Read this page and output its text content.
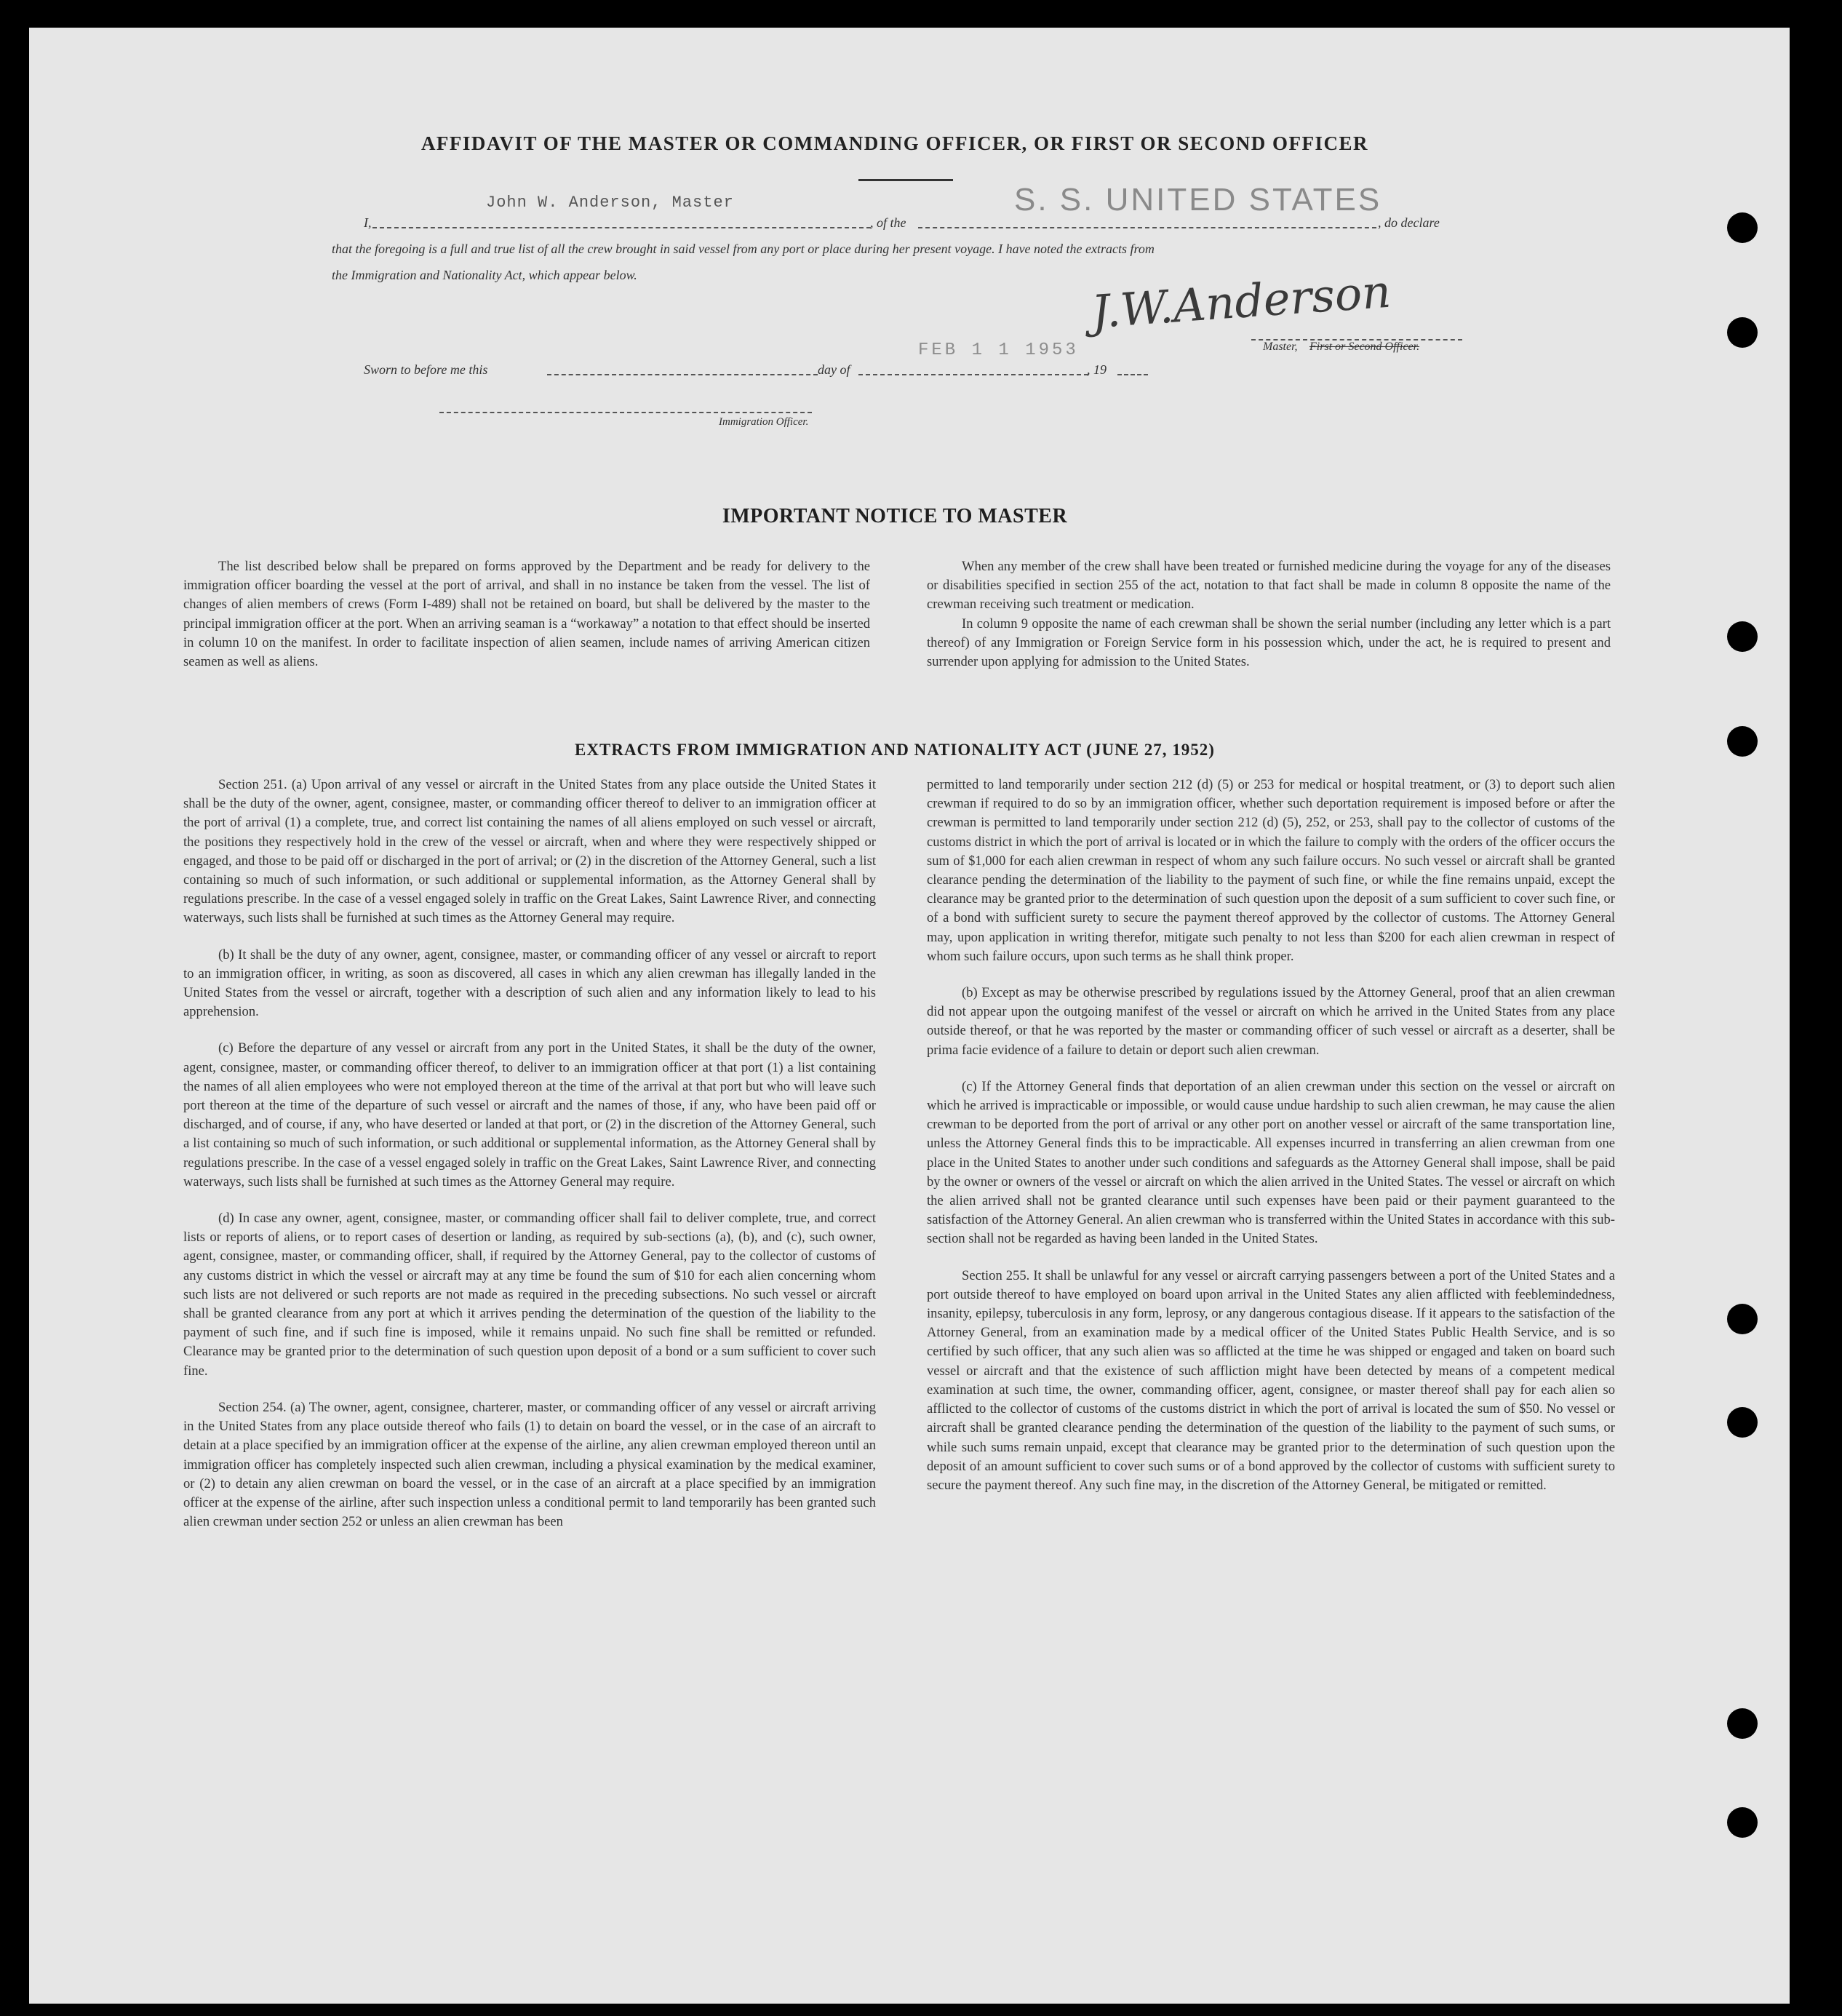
AFFIDAVIT OF THE MASTER OR COMMANDING OFFICER, OR FIRST OR SECOND OFFICER
I,
John W. Anderson, Master
, of the
S. S. UNITED STATES
, do declare
that the foregoing is a full and true list of all the crew brought in said vessel from any port or place during her present voyage. I have noted the extracts from
the Immigration and Nationality Act, which appear below.	J.W.Anderson
FEB 1 1 1953	Master, First or Second Officer.
Sworn to before me this	day of	, 19
Immigration Officer.
IMPORTANT NOTICE TO MASTER

The list described below shall be prepared on forms approved by the Department and be ready for delivery to the immigration officer boarding the vessel at the port of arrival, and shall in no instance be taken from the vessel. The list of changes of alien members of crews (Form I-489) shall not be retained on board, but shall be delivered by the master to the principal immigration officer at the port. When an arriving seaman is a “workaway” a notation to that effect should be inserted in column 10 on the manifest. In order to facilitate inspection of alien seamen, include names of arriving American citizen seamen as well as aliens.

When any member of the crew shall have been treated or furnished medicine during the voyage for any of the diseases or disabilities specified in section 255 of the act, notation to that fact shall be made in column 8 opposite the name of the crewman receiving such treatment or medication.

In column 9 opposite the name of each crewman shall be shown the serial number (including any letter which is a part thereof) of any Immigration or Foreign Service form in his possession which, under the act, he is required to present and surrender upon applying for admission to the United States.

EXTRACTS FROM IMMIGRATION AND NATIONALITY ACT (JUNE 27, 1952)

Section 251. (a) Upon arrival of any vessel or aircraft in the United States from any place outside the United States it shall be the duty of the owner, agent, consignee, master, or commanding officer thereof to deliver to an immigration officer at the port of arrival (1) a complete, true, and correct list containing the names of all aliens employed on such vessel or aircraft, the positions they respectively hold in the crew of the vessel or aircraft, when and where they were respectively shipped or engaged, and those to be paid off or discharged in the port of arrival; or (2) in the discretion of the Attorney General, such a list containing so much of such information, or such additional or supplemental information, as the Attorney General shall by regulations prescribe. In the case of a vessel engaged solely in traffic on the Great Lakes, Saint Lawrence River, and connecting waterways, such lists shall be furnished at such times as the Attorney General may require.

(b) It shall be the duty of any owner, agent, consignee, master, or commanding officer of any vessel or aircraft to report to an immigration officer, in writing, as soon as discovered, all cases in which any alien crewman has illegally landed in the United States from the vessel or aircraft, together with a description of such alien and any information likely to lead to his apprehension.

(c) Before the departure of any vessel or aircraft from any port in the United States, it shall be the duty of the owner, agent, consignee, master, or commanding officer thereof, to deliver to an immigration officer at that port (1) a list containing the names of all alien employees who were not employed thereon at the time of the arrival at that port but who will leave such port thereon at the time of the departure of such vessel or aircraft and the names of those, if any, who have been paid off or discharged, and of course, if any, who have deserted or landed at that port, or (2) in the discretion of the Attorney General, such a list containing so much of such information, or such additional or supplemental information, as the Attorney General shall by regulations prescribe. In the case of a vessel engaged solely in traffic on the Great Lakes, Saint Lawrence River, and connecting waterways, such lists shall be furnished at such times as the Attorney General may require.

(d) In case any owner, agent, consignee, master, or commanding officer shall fail to deliver complete, true, and correct lists or reports of aliens, or to report cases of desertion or landing, as required by sub-sections (a), (b), and (c), such owner, agent, consignee, master, or commanding officer, shall, if required by the Attorney General, pay to the collector of customs of any customs district in which the vessel or aircraft may at any time be found the sum of $10 for each alien concerning whom such lists are not delivered or such reports are not made as required in the preceding subsections. No such vessel or aircraft shall be granted clearance from any port at which it arrives pending the determination of the question of the liability to the payment of such fine, and if such fine is imposed, while it remains unpaid. No such fine shall be remitted or refunded. Clearance may be granted prior to the determination of such question upon deposit of a bond or a sum sufficient to cover such fine.

Section 254. (a) The owner, agent, consignee, charterer, master, or commanding officer of any vessel or aircraft arriving in the United States from any place outside thereof who fails (1) to detain on board the vessel, or in the case of an aircraft to detain at a place specified by an immigration officer at the expense of the airline, any alien crewman employed thereon until an immigration officer has completely inspected such alien crewman, including a physical examination by the medical examiner, or (2) to detain any alien crewman on board the vessel, or in the case of an aircraft at a place specified by an immigration officer at the expense of the airline, after such inspection unless a conditional permit to land temporarily has been granted such alien crewman under section 252 or unless an alien crewman has been

permitted to land temporarily under section 212 (d) (5) or 253 for medical or hospital treatment, or (3) to deport such alien crewman if required to do so by an immigration officer, whether such deportation requirement is imposed before or after the crewman is permitted to land temporarily under section 212 (d) (5), 252, or 253, shall pay to the collector of customs of the customs district in which the port of arrival is located or in which the failure to comply with the orders of the officer occurs the sum of $1,000 for each alien crewman in respect of whom any such failure occurs. No such vessel or aircraft shall be granted clearance pending the determination of the liability to the payment of such fine, or while the fine remains unpaid, except the clearance may be granted prior to the determination of such question upon the deposit of a sum sufficient to cover such fine, or of a bond with sufficient surety to secure the payment thereof approved by the collector of customs. The Attorney General may, upon application in writing therefor, mitigate such penalty to not less than $200 for each alien crewman in respect of whom such failure occurs, upon such terms as he shall think proper.

(b) Except as may be otherwise prescribed by regulations issued by the Attorney General, proof that an alien crewman did not appear upon the outgoing manifest of the vessel or aircraft on which he arrived in the United States from any place outside thereof, or that he was reported by the master or commanding officer of such vessel or aircraft as a deserter, shall be prima facie evidence of a failure to detain or deport such alien crewman.

(c) If the Attorney General finds that deportation of an alien crewman under this section on the vessel or aircraft on which he arrived is impracticable or impossible, or would cause undue hardship to such alien crewman, he may cause the alien crewman to be deported from the port of arrival or any other port on another vessel or aircraft of the same transportation line, unless the Attorney General finds this to be impracticable. All expenses incurred in transferring an alien crewman from one place in the United States to another under such conditions and safeguards as the Attorney General shall impose, shall be paid by the owner or owners of the vessel or aircraft on which the alien arrived in the United States. The vessel or aircraft on which the alien arrived shall not be granted clearance until such expenses have been paid or their payment guaranteed to the satisfaction of the Attorney General. An alien crewman who is transferred within the United States in accordance with this sub-section shall not be regarded as having been landed in the United States.

Section 255. It shall be unlawful for any vessel or aircraft carrying passengers between a port of the United States and a port outside thereof to have employed on board upon arrival in the United States any alien afflicted with feeblemindedness, insanity, epilepsy, tuberculosis in any form, leprosy, or any dangerous contagious disease. If it appears to the satisfaction of the Attorney General, from an examination made by a medical officer of the United States Public Health Service, and is so certified by such officer, that any such alien was so afflicted at the time he was shipped or engaged and taken on board such vessel or aircraft and that the existence of such affliction might have been detected by means of a competent medical examination at such time, the owner, commanding officer, agent, consignee, or master thereof shall pay for each alien so afflicted to the collector of customs of the customs district in which the port of arrival is located the sum of $50. No vessel or aircraft shall be granted clearance pending the determination of the question of the liability to the payment of such sums, or while such sums remain unpaid, except that clearance may be granted prior to the determination of such question upon the deposit of an amount sufficient to cover such sums or of a bond approved by the collector of customs with sufficient surety to secure the payment thereof. Any such fine may, in the discretion of the Attorney General, be mitigated or remitted.
